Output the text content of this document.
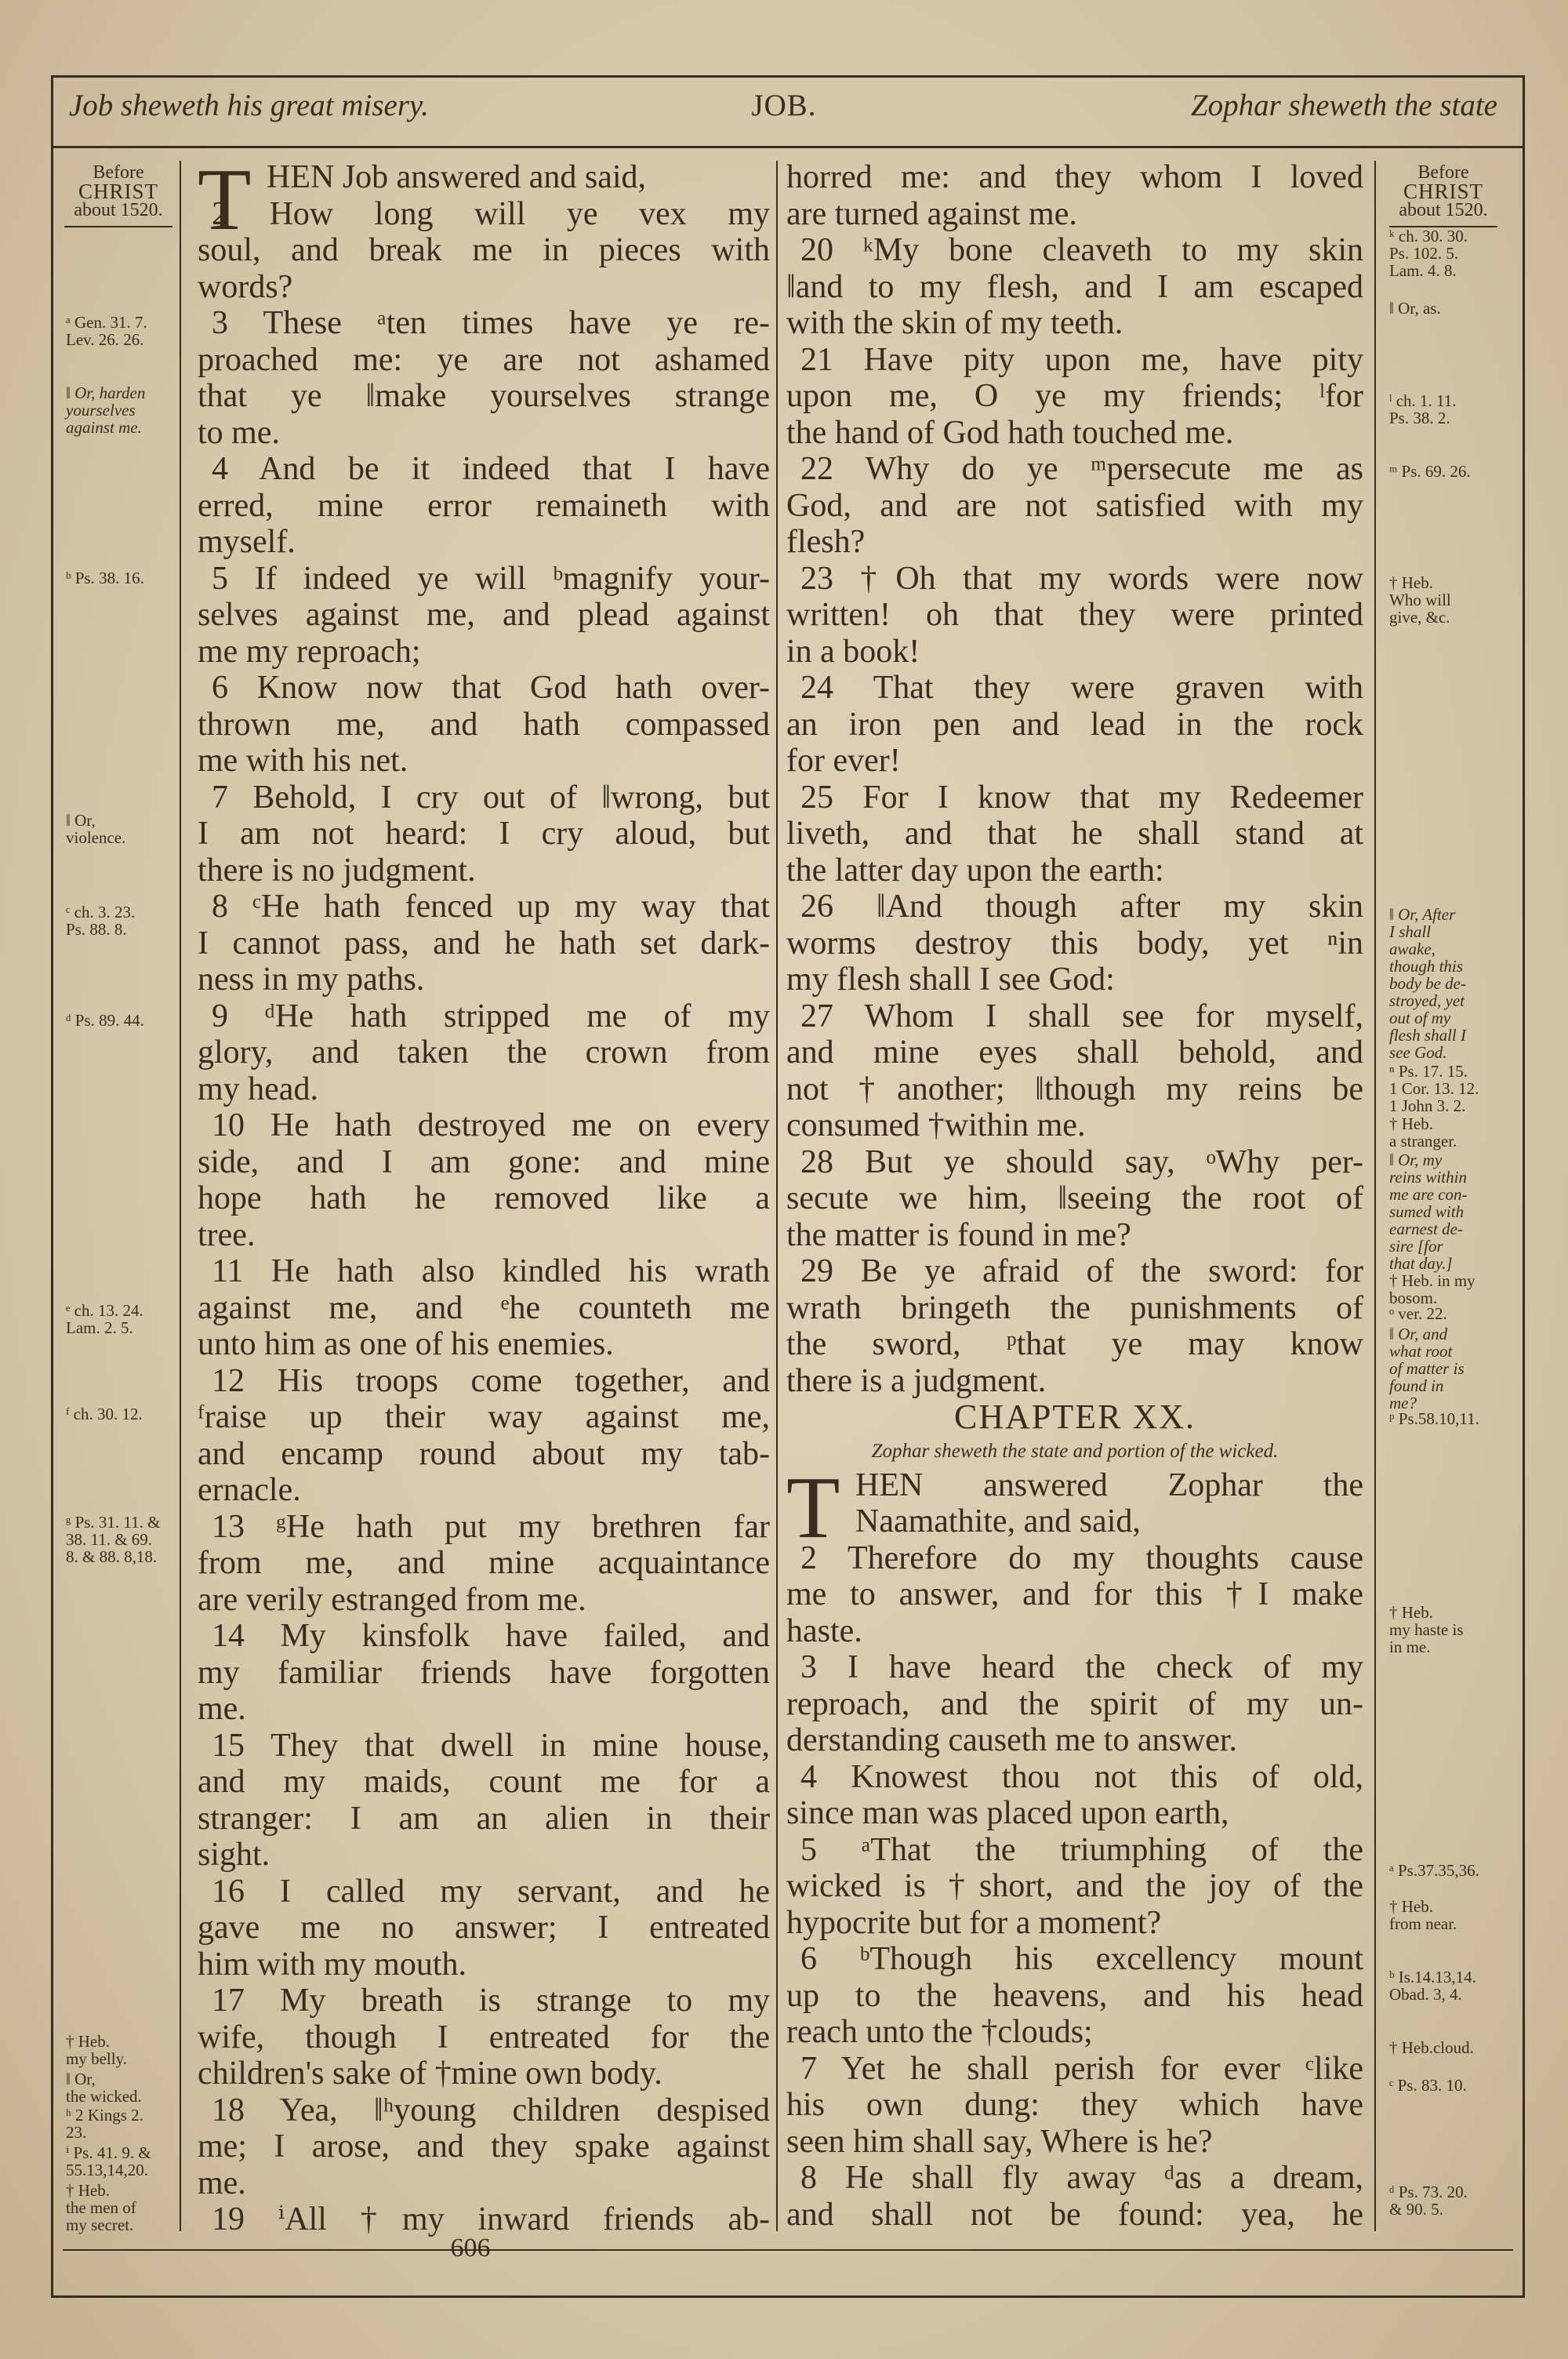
Job sheweth his great misery.	JOB.	Zophar sheweth the state
Before
CHRIST
about 1520.
Before
CHRIST
about 1520.
ᵃ Gen. 31. 7.
Lev. 26. 26.
‖ Or, harden
yourselves
against me.
ᵇ Ps. 38. 16.
‖ Or,
violence.
ᶜ ch. 3. 23.
Ps. 88. 8.
ᵈ Ps. 89. 44.
ᵉ ch. 13. 24.
Lam. 2. 5.
ᶠ ch. 30. 12.
ᵍ Ps. 31. 11. &
38. 11. & 69.
8. & 88. 8,18.
† Heb.
my belly.
‖ Or,
the wicked.
ʰ 2 Kings 2.
23.
ⁱ Ps. 41. 9. &
55.13,14,20.
† Heb.
the men of
my secret.
ᵏ ch. 30. 30.
Ps. 102. 5.
Lam. 4. 8.
‖ Or, as.
ˡ ch. 1. 11.
Ps. 38. 2.
ᵐ Ps. 69. 26.
† Heb.
Who will
give, &c.
‖ Or, After
I shall
awake,
though this
body be de-
stroyed, yet
out of my
flesh shall I
see God.
ⁿ Ps. 17. 15.
1 Cor. 13. 12.
1 John 3. 2.
† Heb.
a stranger.
‖ Or, my
reins within
me are con-
sumed with
earnest de-
sire [for
that day.]
† Heb. in my
bosom.
ᵒ ver. 22.
‖ Or, and
what root
of matter is
found in
me?
ᵖ Ps.58.10,11.
† Heb.
my haste is
in me.
ᵃ Ps.37.35,36.
† Heb.
from near.
ᵇ Is.14.13,14.
Obad. 3, 4.
† Heb.cloud.
ᶜ Ps. 83. 10.
ᵈ Ps. 73. 20.
& 90. 5.
T HEN Job answered and said,
2 How long will ye vex my
soul, and break me in pieces with
words?
3 These ᵃten times have ye re-
proached me: ye are not ashamed
that ye ‖make yourselves strange
to me.
4 And be it indeed that I have
erred, mine error remaineth with
myself.
5 If indeed ye will ᵇmagnify your-
selves against me, and plead against
me my reproach;
6 Know now that God hath over-
thrown me, and hath compassed
me with his net.
7 Behold, I cry out of ‖wrong, but
I am not heard: I cry aloud, but
there is no judgment.
8 ᶜHe hath fenced up my way that
I cannot pass, and he hath set dark-
ness in my paths.
9 ᵈHe hath stripped me of my
glory, and taken the crown from
my head.
10 He hath destroyed me on every
side, and I am gone: and mine
hope hath he removed like a
tree.
11 He hath also kindled his wrath
against me, and ᵉhe counteth me
unto him as one of his enemies.
12 His troops come together, and
ᶠraise up their way against me,
and encamp round about my tab-
ernacle.
13 ᵍHe hath put my brethren far
from me, and mine acquaintance
are verily estranged from me.
14 My kinsfolk have failed, and
my familiar friends have forgotten
me.
15 They that dwell in mine house,
and my maids, count me for a
stranger: I am an alien in their
sight.
16 I called my servant, and he
gave me no answer; I entreated
him with my mouth.
17 My breath is strange to my
wife, though I entreated for the
children's sake of †mine own body.
18 Yea, ‖ʰyoung children despised
me; I arose, and they spake against
me.
19 ⁱAll †my inward friends ab-
horred me: and they whom I loved
are turned against me.
20 ᵏMy bone cleaveth to my skin
‖and to my flesh, and I am escaped
with the skin of my teeth.
21 Have pity upon me, have pity
upon me, O ye my friends; ˡfor
the hand of God hath touched me.
22 Why do ye ᵐpersecute me as
God, and are not satisfied with my
flesh?
23 †Oh that my words were now
written! oh that they were printed
in a book!
24 That they were graven with
an iron pen and lead in the rock
for ever!
25 For I know that my Redeemer
liveth, and that he shall stand at
the latter day upon the earth:
26 ‖And though after my skin
worms destroy this body, yet ⁿin
my flesh shall I see God:
27 Whom I shall see for myself,
and mine eyes shall behold, and
not †another; ‖though my reins be
consumed †within me.
28 But ye should say, ᵒWhy per-
secute we him, ‖seeing the root of
the matter is found in me?
29 Be ye afraid of the sword: for
wrath bringeth the punishments of
the sword, ᵖthat ye may know
there is a judgment.
CHAPTER XX.
Zophar sheweth the state and portion of the wicked.
T HEN answered Zophar the
Naamathite, and said,
2 Therefore do my thoughts cause
me to answer, and for this †I make
haste.
3 I have heard the check of my
reproach, and the spirit of my un-
derstanding causeth me to answer.
4 Knowest thou not this of old,
since man was placed upon earth,
5 ᵃThat the triumphing of the
wicked is †short, and the joy of the
hypocrite but for a moment?
6 ᵇThough his excellency mount
up to the heavens, and his head
reach unto the †clouds;
7 Yet he shall perish for ever ᶜlike
his own dung: they which have
seen him shall say, Where is he?
8 He shall fly away ᵈas a dream,
and shall not be found: yea, he
606
